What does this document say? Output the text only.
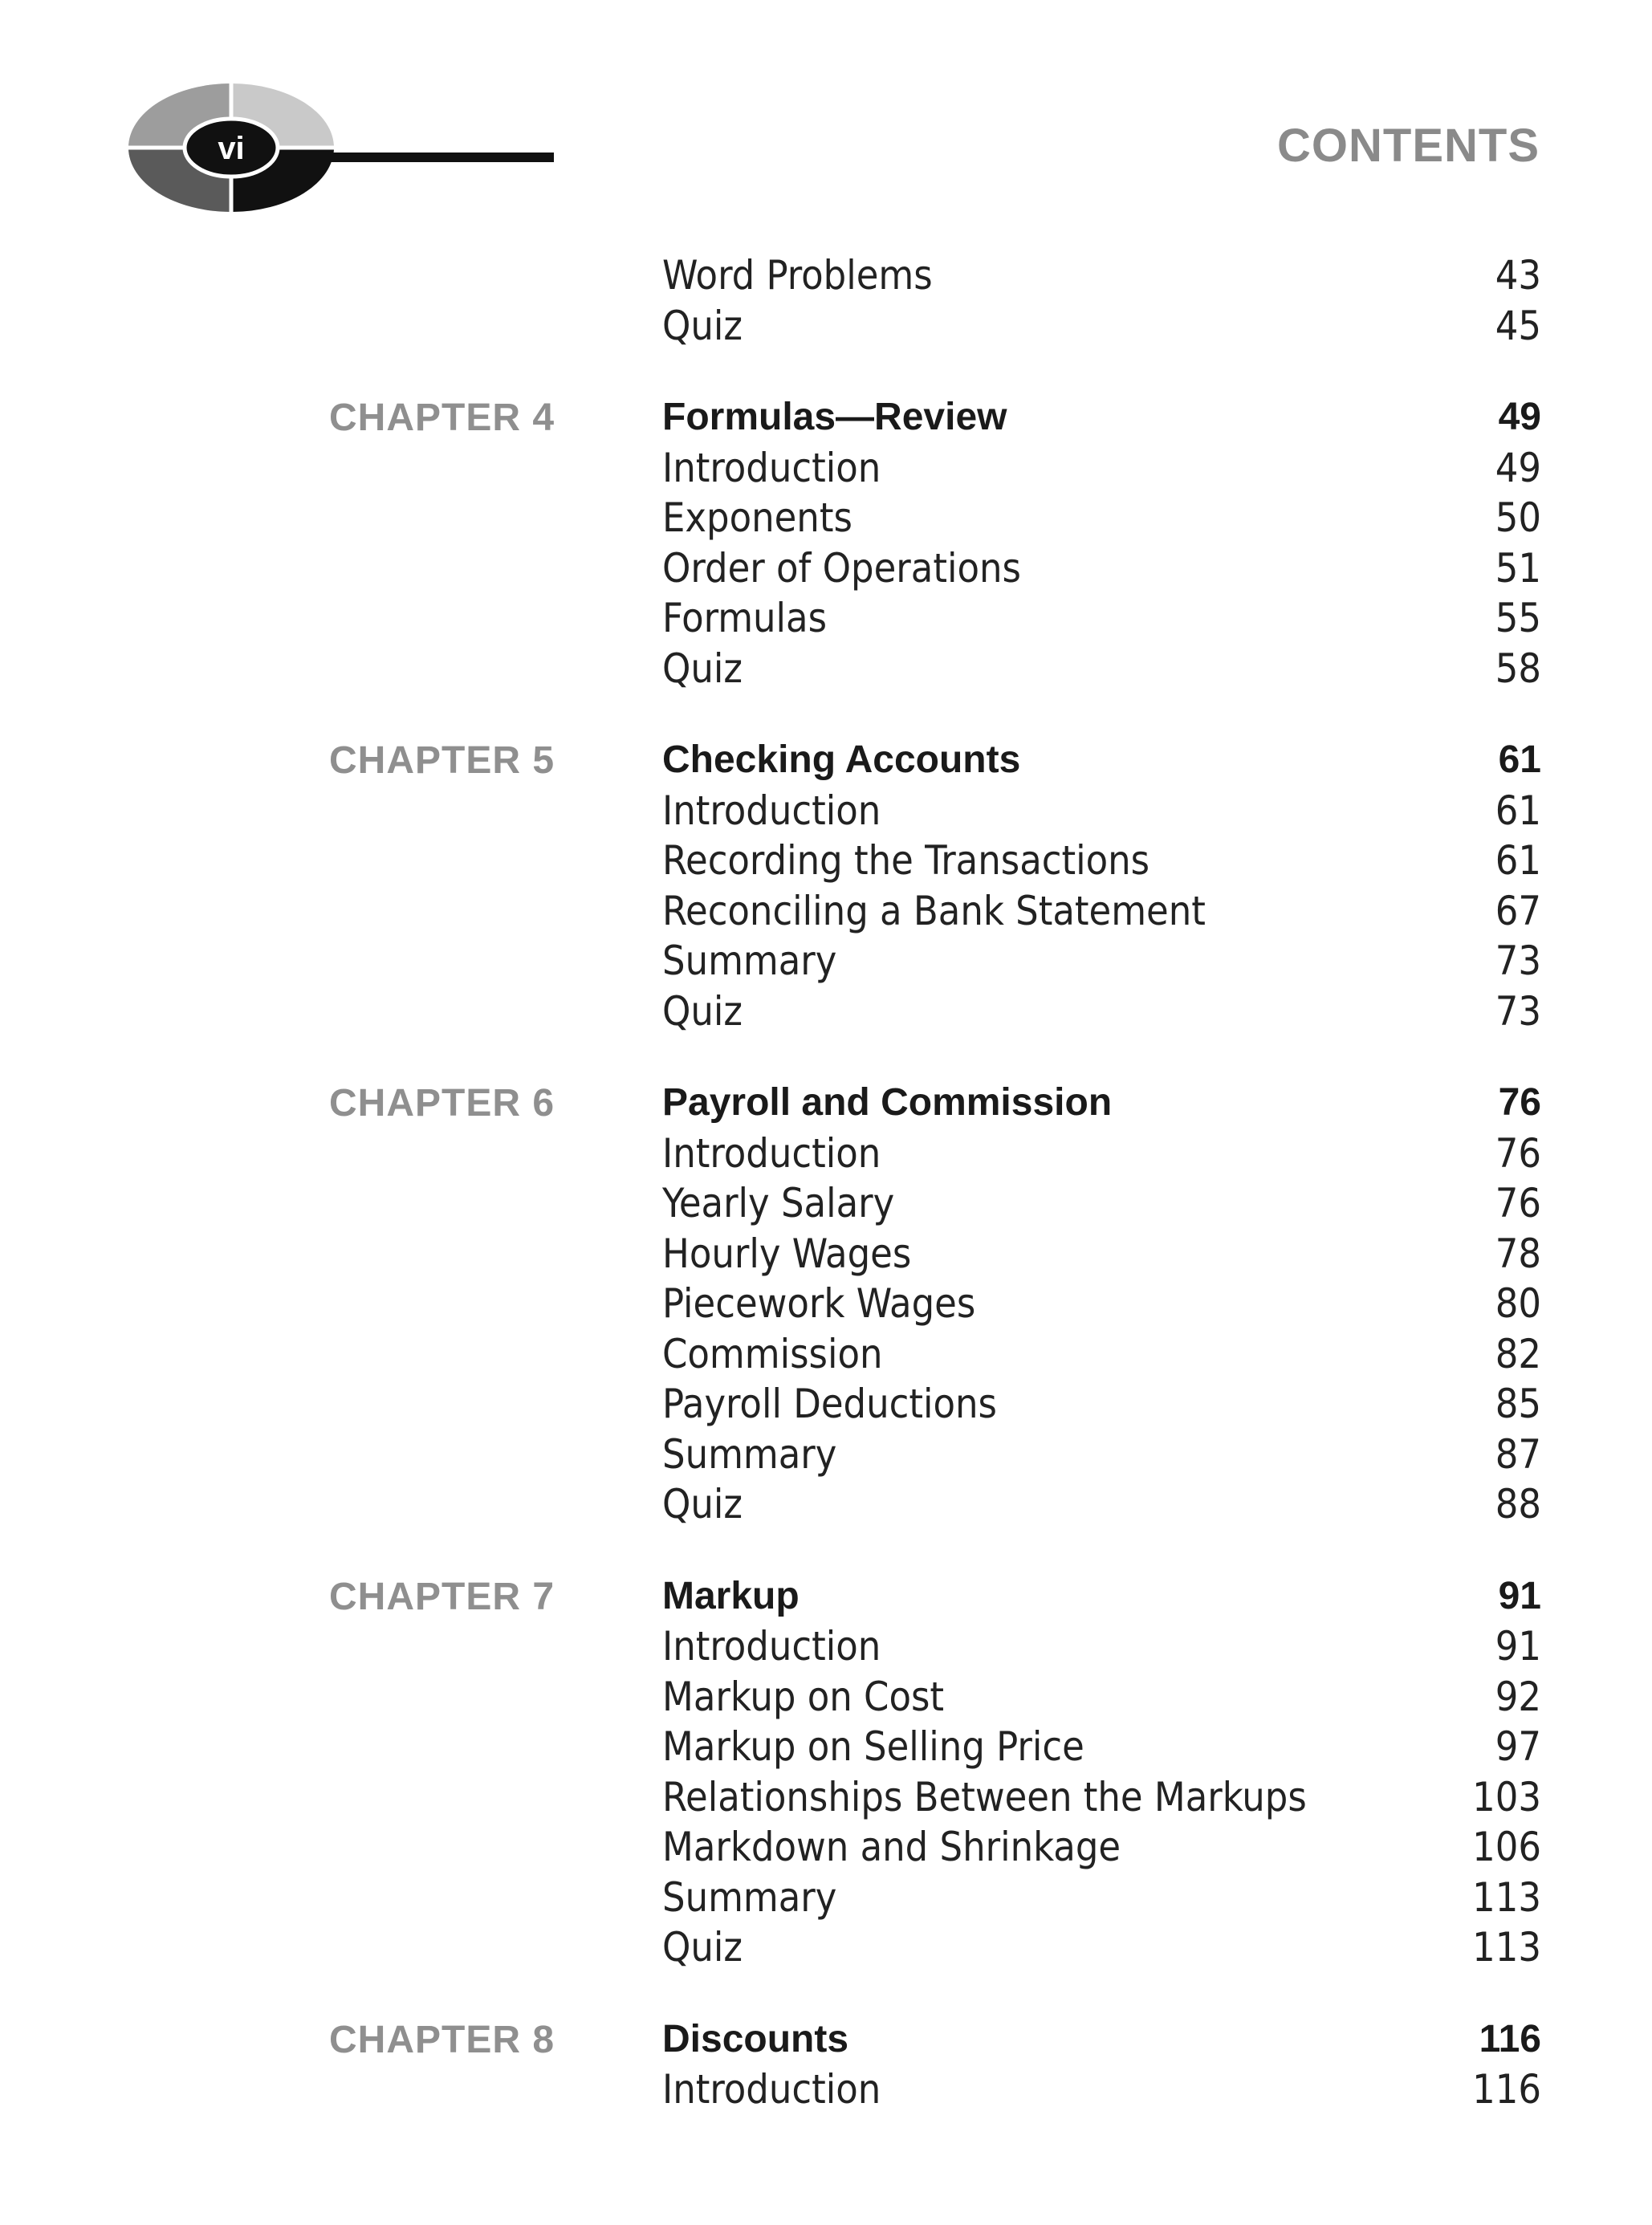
vi	CONTENTS
Word Problems	43
Quiz	45
CHAPTER 4	Formulas—Review	49
Introduction	49
Exponents	50
Order of Operations	51
Formulas	55
Quiz	58
CHAPTER 5	Checking Accounts	61
Introduction	61
Recording the Transactions	61
Reconciling a Bank Statement	67
Summary	73
Quiz	73
CHAPTER 6	Payroll and Commission	76
Introduction	76
Yearly Salary	76
Hourly Wages	78
Piecework Wages	80
Commission	82
Payroll Deductions	85
Summary	87
Quiz	88
CHAPTER 7	Markup	91
Introduction	91
Markup on Cost	92
Markup on Selling Price	97
Relationships Between the Markups	103
Markdown and Shrinkage	106
Summary	113
Quiz	113
CHAPTER 8	Discounts	116
Introduction	116
